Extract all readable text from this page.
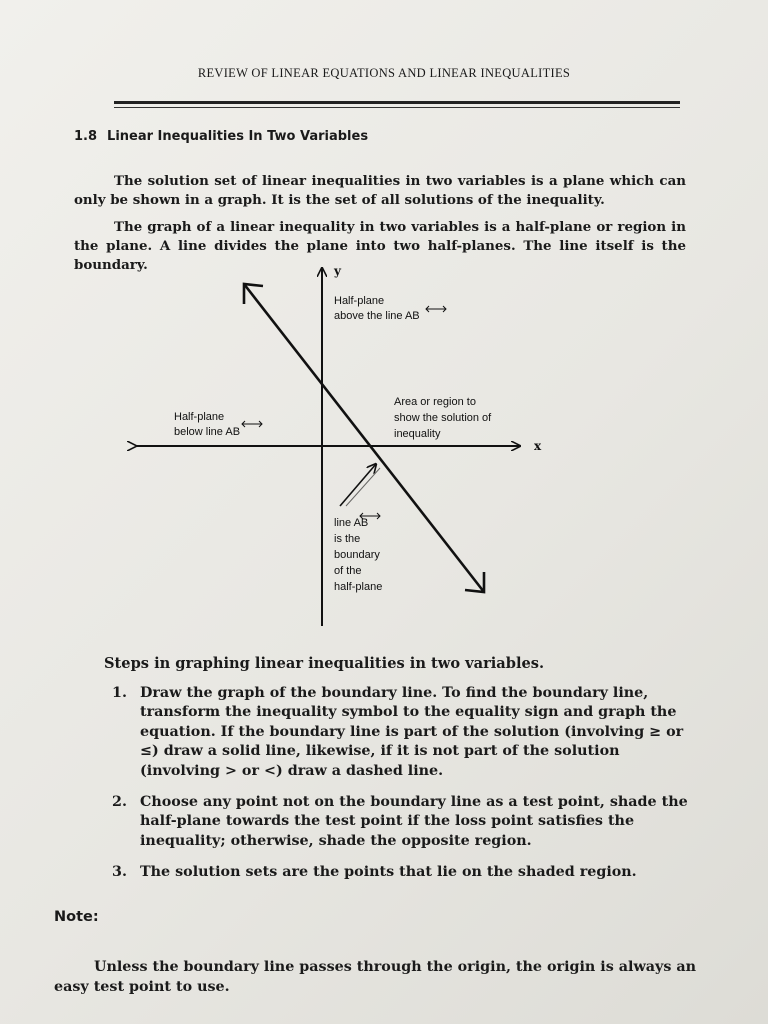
REVIEW OF LINEAR EQUATIONS AND LINEAR INEQUALITIES
1.8 Linear Inequalities In Two Variables

The solution set of linear inequalities in two variables is a plane which can only be shown in a graph. It is the set of all solutions of the inequality.

The graph of a linear inequality in two variables is a half-plane or region in the plane. A line divides the plane into two half-planes. The line itself is the boundary.	y
x
Half-plane
above the line AB
Half-plane
below line AB
Area or region to
show the solution of
inequality
line AB
is the
boundary
of the
half-plane
Steps in graphing linear inequalities in two variables.
1. Draw the graph of the boundary line. To find the boundary line, transform the inequality symbol to the equality sign and graph the equation. If the boundary line is part of the solution (involving ≥ or ≤) draw a solid line, likewise, if it is not part of the solution (involving > or <) draw a dashed line.
2. Choose any point not on the boundary line as a test point, shade the half-plane towards the test point if the loss point satisfies the inequality; otherwise, shade the opposite region.
3. The solution sets are the points that lie on the shaded region.
Note:

Unless the boundary line passes through the origin, the origin is always an easy test point to use.
